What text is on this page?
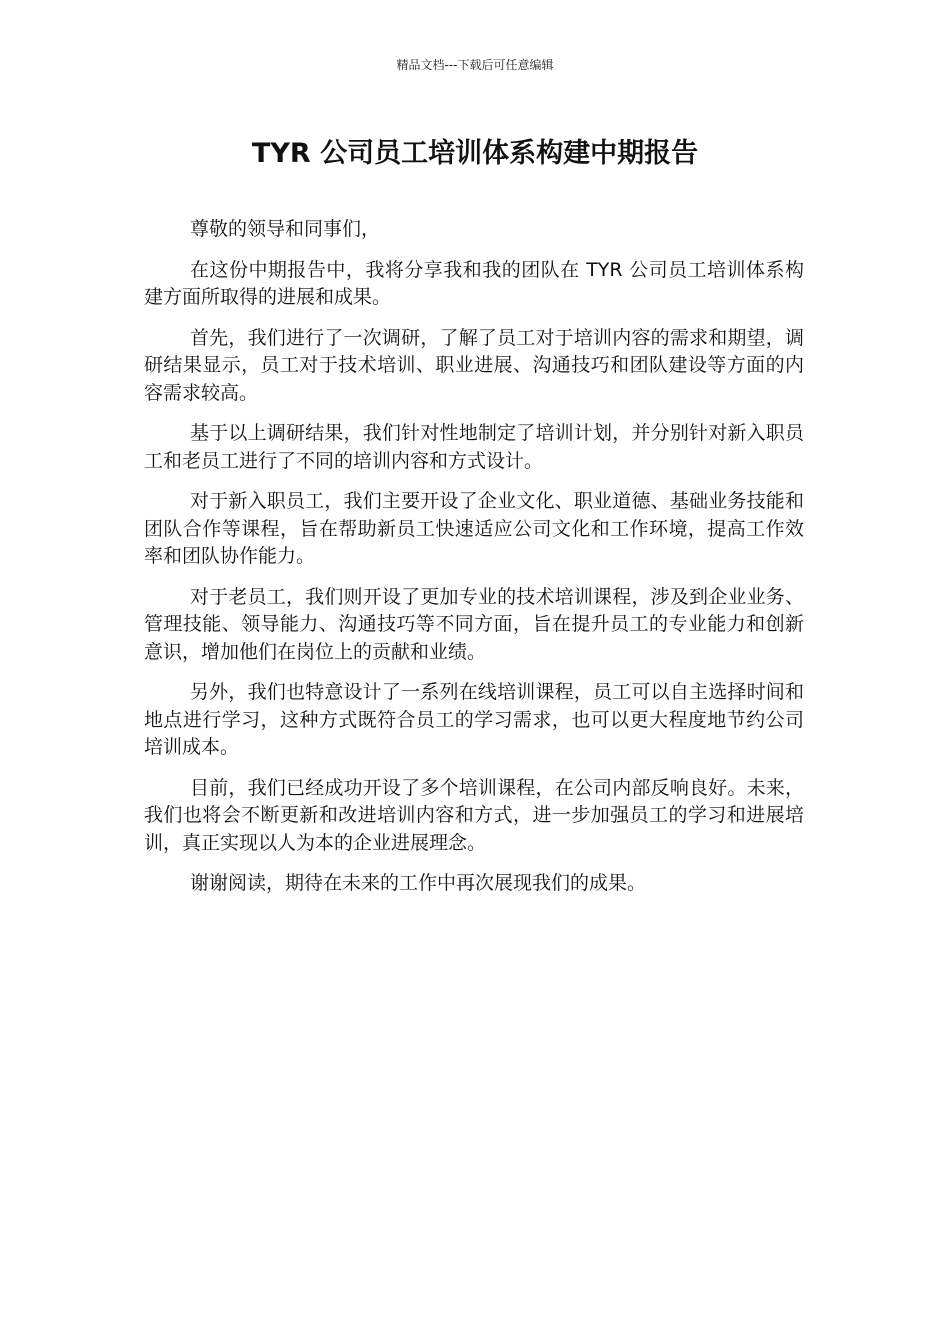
精品文档---下载后可任意编辑
TYR 公司员工培训体系构建中期报告

尊敬的领导和同事们，

在这份中期报告中，我将分享我和我的团队在 TYR 公司员工培训体系构建方面所取得的进展和成果。

首先，我们进行了一次调研，了解了员工对于培训内容的需求和期望，调研结果显示，员工对于技术培训、职业进展、沟通技巧和团队建设等方面的内容需求较高。

基于以上调研结果，我们针对性地制定了培训计划，并分别针对新入职员工和老员工进行了不同的培训内容和方式设计。

对于新入职员工，我们主要开设了企业文化、职业道德、基础业务技能和团队合作等课程，旨在帮助新员工快速适应公司文化和工作环境，提高工作效率和团队协作能力。

对于老员工，我们则开设了更加专业的技术培训课程，涉及到企业业务、管理技能、领导能力、沟通技巧等不同方面，旨在提升员工的专业能力和创新意识，增加他们在岗位上的贡献和业绩。

另外，我们也特意设计了一系列在线培训课程，员工可以自主选择时间和地点进行学习，这种方式既符合员工的学习需求，也可以更大程度地节约公司培训成本。

目前，我们已经成功开设了多个培训课程，在公司内部反响良好。未来，我们也将会不断更新和改进培训内容和方式，进一步加强员工的学习和进展培训，真正实现以人为本的企业进展理念。

谢谢阅读，期待在未来的工作中再次展现我们的成果。
